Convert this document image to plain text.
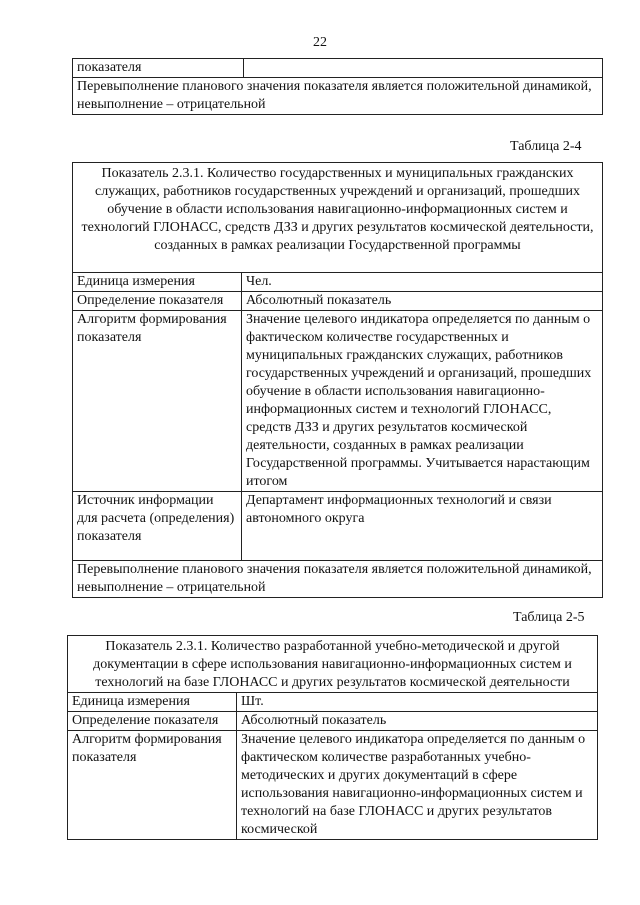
22
показателя	
Перевыполнение планового значения показателя является положительной динамикой, невыполнение – отрицательной
Таблица 2-4
Показатель 2.3.1. Количество государственных и муниципальных гражданских служащих, работников государственных учреждений и организаций, прошедших обучение в области использования навигационно-информационных систем и технологий ГЛОНАСС, средств ДЗЗ и других результатов космической деятельности, созданных в рамках реализации Государственной программы	
Единица измерения	Чел.
Определение показателя	Абсолютный показатель
Алгоритм формирования показателя	Значение целевого индикатора определяется по данным о фактическом количестве государственных и муниципальных гражданских служащих, работников государственных учреждений и организаций, прошедших обучение в области использования навигационно-информационных систем и технологий ГЛОНАСС, средств ДЗЗ и других результатов космической деятельности, созданных в рамках реализации Государственной программы. Учитывается нарастающим итогом
Источник информации для расчета (определения) показателя	Департамент информационных технологий и связи автономного округа
Перевыполнение планового значения показателя является положительной динамикой, невыполнение – отрицательной	
Таблица 2-5
Показатель 2.3.1. Количество разработанной учебно-методической и другой документации в сфере использования навигационно-информационных систем и технологий на базе ГЛОНАСС и других результатов космической деятельности	
Единица измерения	Шт.
Определение показателя	Абсолютный показатель
Алгоритм формирования показателя	Значение целевого индикатора определяется по данным о фактическом количестве разработанных учебно-методических и других документаций в сфере использования навигационно-информационных систем и технологий на базе ГЛОНАСС и других результатов космической
